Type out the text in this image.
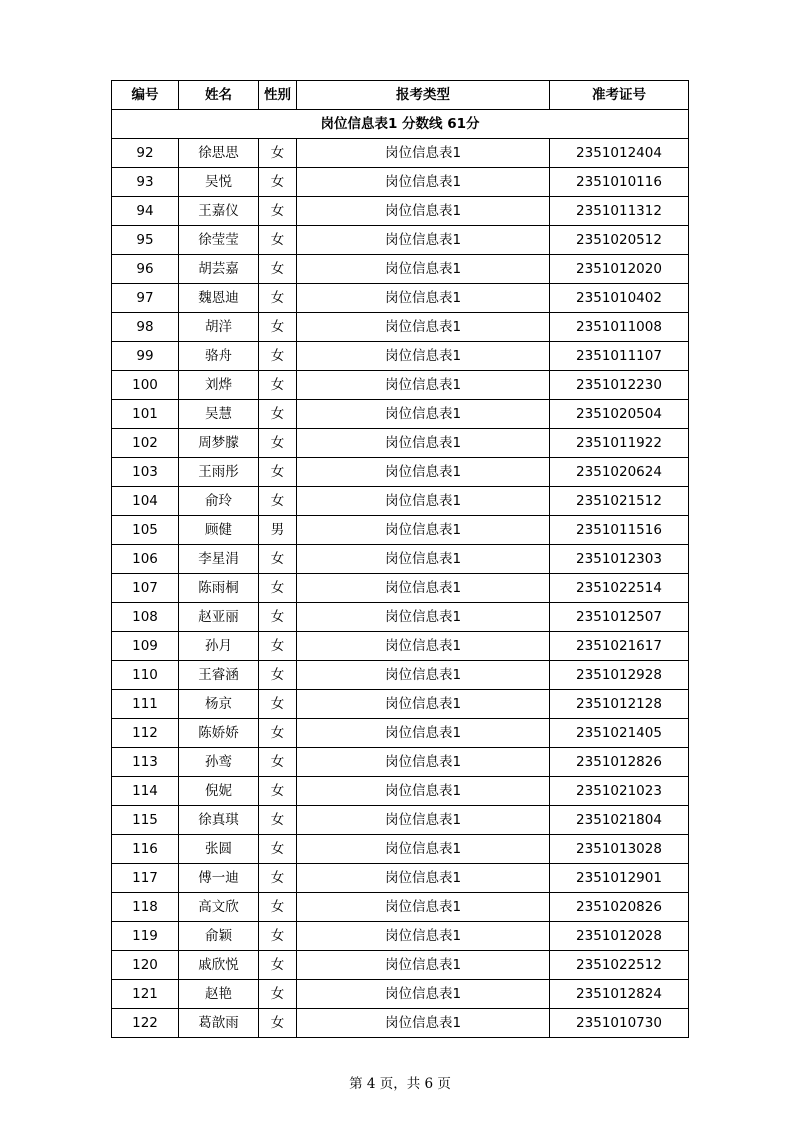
编号	姓名	性别	报考类型	准考证号
岗位信息表1 分数线 61分				
92	徐思思	女	岗位信息表1	2351012404
93	吴悦	女	岗位信息表1	2351010116
94	王嘉仪	女	岗位信息表1	2351011312
95	徐莹莹	女	岗位信息表1	2351020512
96	胡芸嘉	女	岗位信息表1	2351012020
97	魏恩迪	女	岗位信息表1	2351010402
98	胡洋	女	岗位信息表1	2351011008
99	骆舟	女	岗位信息表1	2351011107
100	刘烨	女	岗位信息表1	2351012230
101	吴慧	女	岗位信息表1	2351020504
102	周梦朦	女	岗位信息表1	2351011922
103	王雨彤	女	岗位信息表1	2351020624
104	俞玲	女	岗位信息表1	2351021512
105	顾健	男	岗位信息表1	2351011516
106	李星涓	女	岗位信息表1	2351012303
107	陈雨桐	女	岗位信息表1	2351022514
108	赵亚丽	女	岗位信息表1	2351012507
109	孙月	女	岗位信息表1	2351021617
110	王睿涵	女	岗位信息表1	2351012928
111	杨京	女	岗位信息表1	2351012128
112	陈娇娇	女	岗位信息表1	2351021405
113	孙鸾	女	岗位信息表1	2351012826
114	倪妮	女	岗位信息表1	2351021023
115	徐真琪	女	岗位信息表1	2351021804
116	张圆	女	岗位信息表1	2351013028
117	傅一迪	女	岗位信息表1	2351012901
118	高文欣	女	岗位信息表1	2351020826
119	俞颖	女	岗位信息表1	2351012028
120	戚欣悦	女	岗位信息表1	2351022512
121	赵艳	女	岗位信息表1	2351012824
122	葛歆雨	女	岗位信息表1	2351010730
第 4 页，共 6 页
